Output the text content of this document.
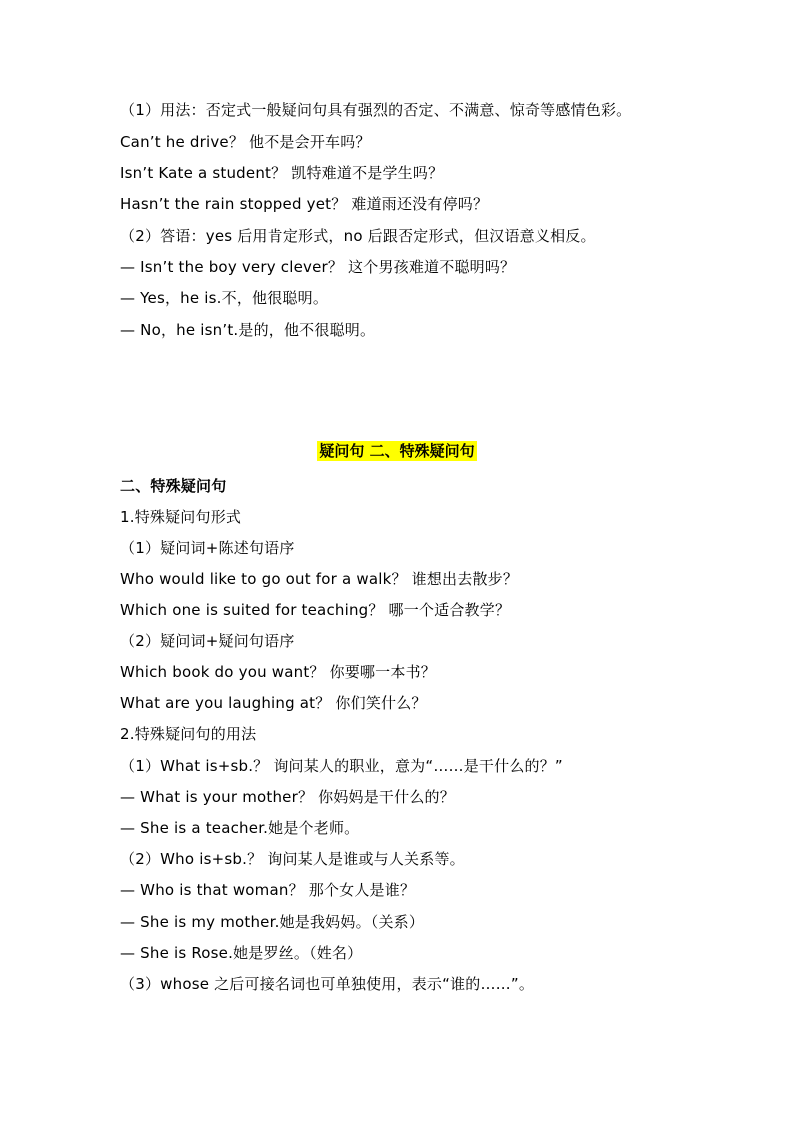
（1）用法：否定式一般疑问句具有强烈的否定、不满意、惊奇等感情色彩。
Can’t he drive？ 他不是会开车吗？
Isn’t Kate a student？ 凯特难道不是学生吗？
Hasn’t the rain stopped yet？ 难道雨还没有停吗？
（2）答语：yes 后用肯定形式，no 后跟否定形式，但汉语意义相反。
— Isn’t the boy very clever？ 这个男孩难道不聪明吗？
— Yes，he is.不，他很聪明。
— No，he isn’t.是的，他不很聪明。
疑问句 二、特殊疑问句
二、特殊疑问句
1.特殊疑问句形式
（1）疑问词+陈述句语序
Who would like to go out for a walk？ 谁想出去散步？
Which one is suited for teaching？ 哪一个适合教学？
（2）疑问词+疑问句语序
Which book do you want？ 你要哪一本书？
What are you laughing at？ 你们笑什么？
2.特殊疑问句的用法
（1）What is+sb.？ 询问某人的职业，意为“……是干什么的？”
— What is your mother？ 你妈妈是干什么的？
— She is a teacher.她是个老师。
（2）Who is+sb.？ 询问某人是谁或与人关系等。
— Who is that woman？ 那个女人是谁？
— She is my mother.她是我妈妈。（关系）
— She is Rose.她是罗丝。（姓名）
（3）whose 之后可接名词也可单独使用，表示“谁的……”。
